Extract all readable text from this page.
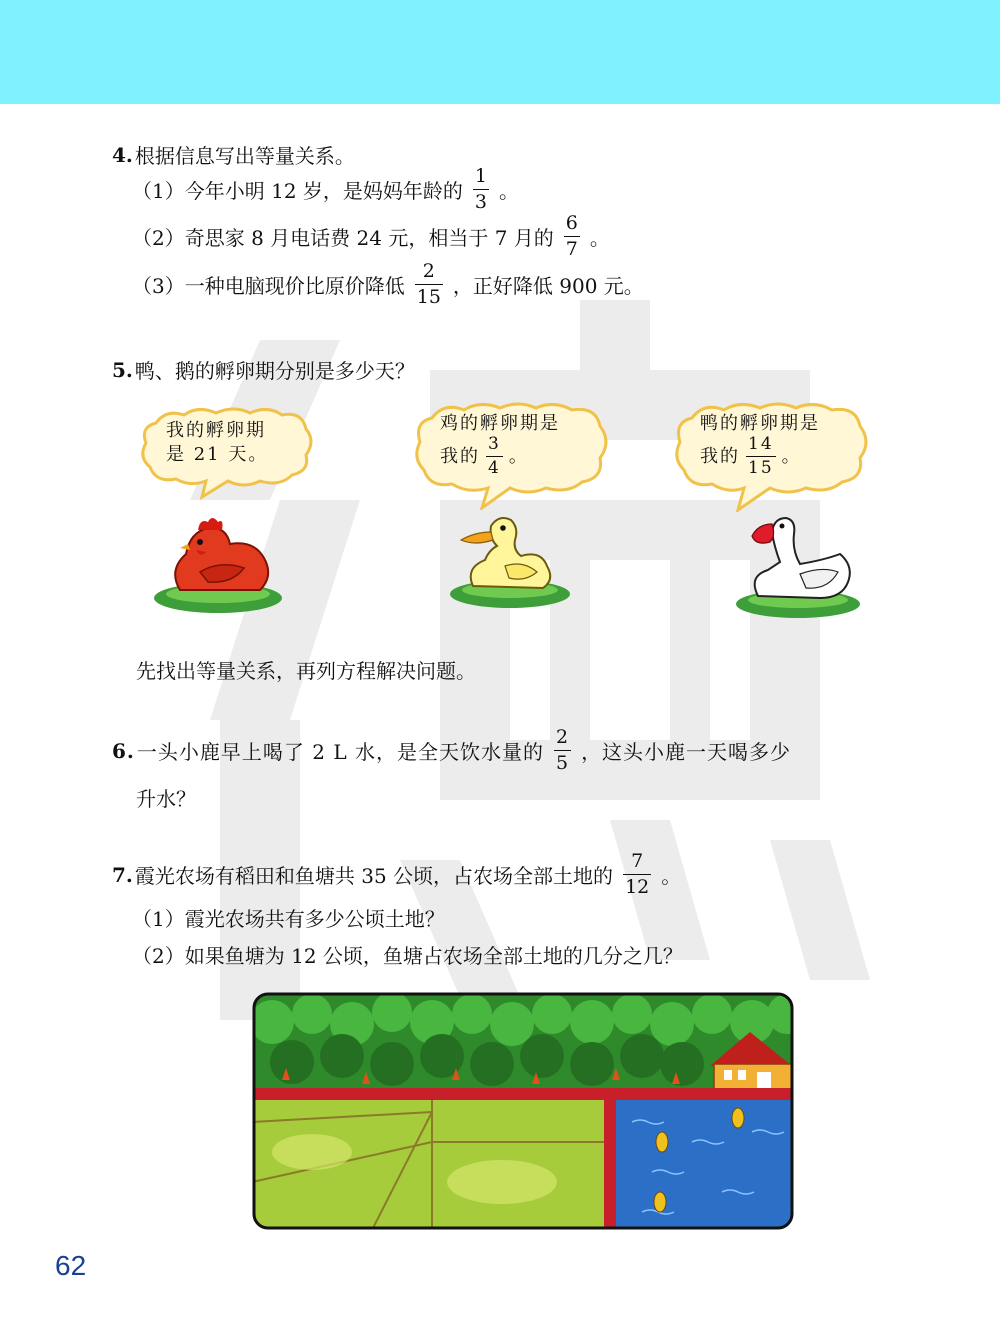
4. 根据信息写出等量关系。
（1） 今年小明 12 岁，是妈妈年龄的 $\frac{1}{3}$ 。
（2） 奇思家 8 月电话费 24 元，相当于 7 月的 $\frac{6}{7}$ 。
（3） 一种电脑现价比原价降低 $\frac{2}{15}$ ，正好降低 900 元。
5. 鸭、鹅的孵卵期分别是多少天？
我的孵卵期
是 21 天。
鸡的孵卵期是
我的 $\frac{3}{4}$ 。
鸭的孵卵期是
我的 $\frac{14}{15}$ 。
先找出等量关系，再列方程解决问题。
6. 一头小鹿早上喝了 2 L 水，是全天饮水量的 $\frac{2}{5}$ ，这头小鹿一天喝多少
升水？
7. 霞光农场有稻田和鱼塘共 35 公顷，占农场全部土地的 $\frac{7}{12}$ 。
（1） 霞光农场共有多少公顷土地？
（2） 如果鱼塘为 12 公顷，鱼塘占农场全部土地的几分之几？
62
